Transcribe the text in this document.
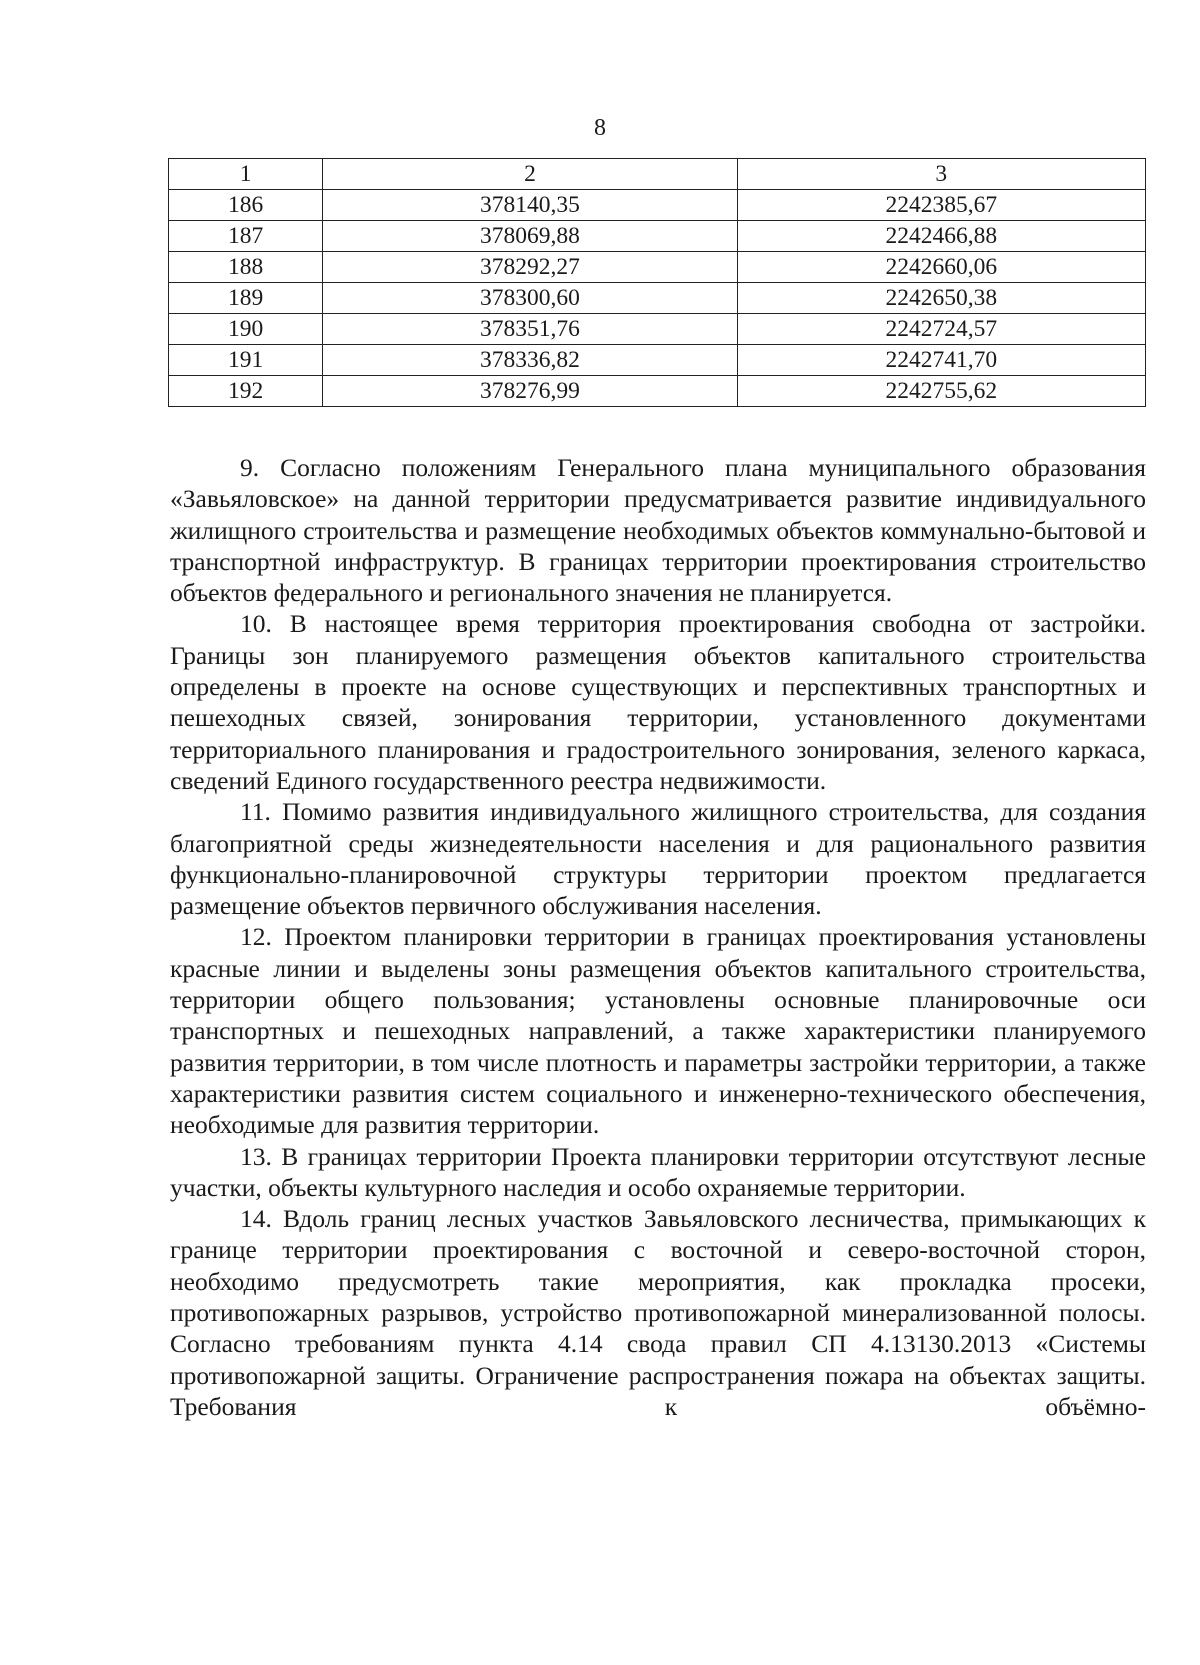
8
1	2	3
186	378140,35	2242385,67
187	378069,88	2242466,88
188	378292,27	2242660,06
189	378300,60	2242650,38
190	378351,76	2242724,57
191	378336,82	2242741,70
192	378276,99	2242755,62

9. Согласно положениям Генерального плана муниципального образования «Завьяловское» на данной территории предусматривается развитие индивидуального жилищного строительства и размещение необходимых объектов коммунально-бытовой и транспортной инфраструктур. В границах территории проектирования строительство объектов федерального и регионального значения не планируется.

10. В настоящее время территория проектирования свободна от застройки. Границы зон планируемого размещения объектов капитального строительства определены в проекте на основе существующих и перспективных транспортных и пешеходных связей, зонирования территории, установленного документами территориального планирования и градостроительного зонирования, зеленого каркаса, сведений Единого государственного реестра недвижимости.

11. Помимо развития индивидуального жилищного строительства, для создания благоприятной среды жизнедеятельности населения и для рационального развития функционально-планировочной структуры территории проектом предлагается размещение объектов первичного обслуживания населения.

12. Проектом планировки территории в границах проектирования установлены красные линии и выделены зоны размещения объектов капитального строительства, территории общего пользования; установлены основные планировочные оси транспортных и пешеходных направлений, а также характеристики планируемого развития территории, в том числе плотность и параметры застройки территории, а также характеристики развития систем социального и инженерно-технического обеспечения, необходимые для развития территории.

13. В границах территории Проекта планировки территории отсутствуют лесные участки, объекты культурного наследия и особо охраняемые территории.

14. Вдоль границ лесных участков Завьяловского лесничества, примыкающих к границе территории проектирования с восточной и северо-восточной сторон, необходимо предусмотреть такие мероприятия, как прокладка просеки, противопожарных разрывов, устройство противопожарной минерализованной полосы. Согласно требованиям пункта 4.14 свода правил СП 4.13130.2013 «Системы противопожарной защиты. Ограничение распространения пожара на объектах защиты. Требования к объёмно-
